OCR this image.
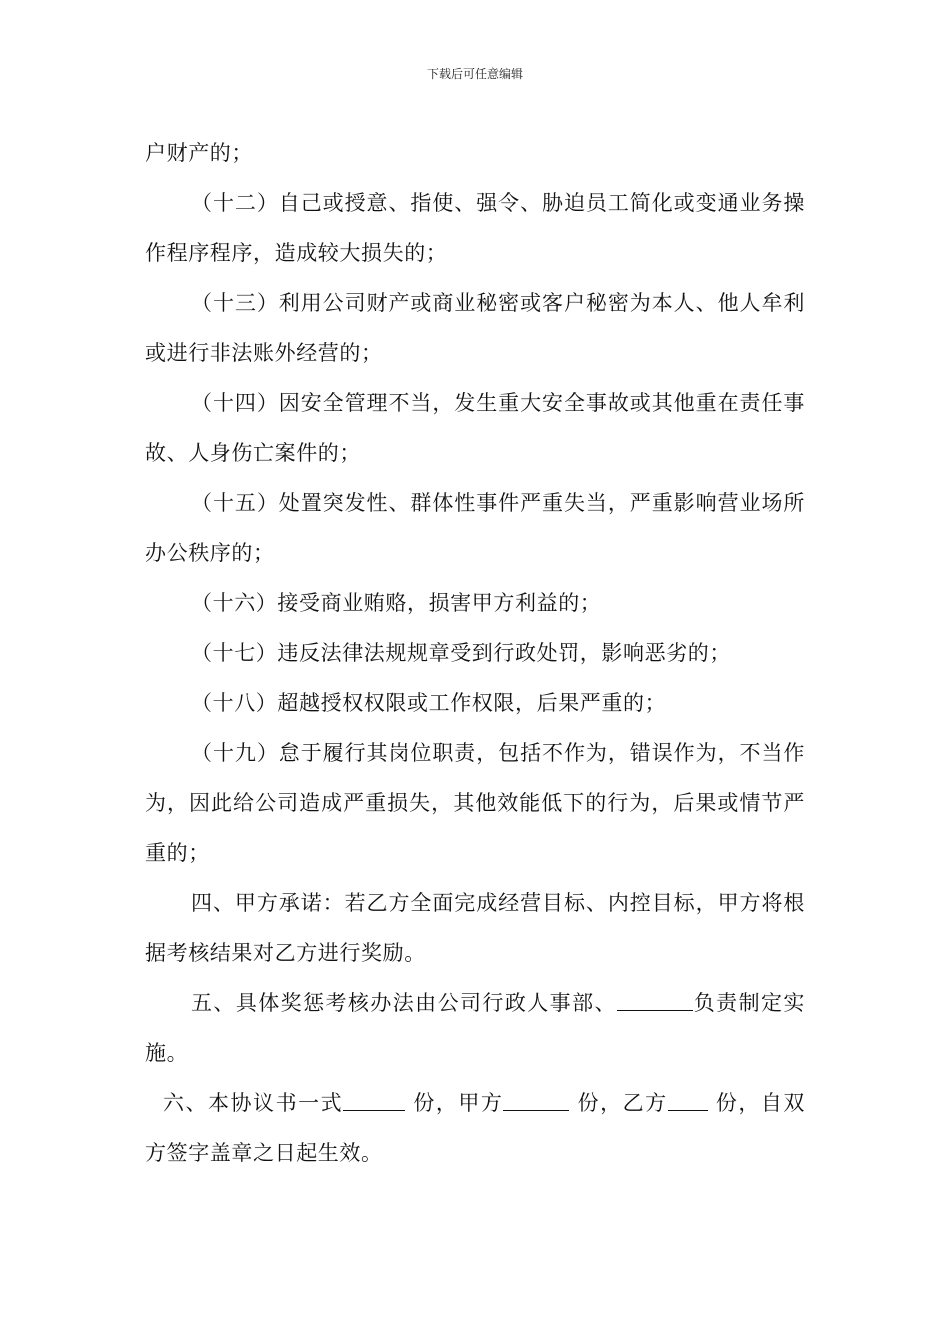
下载后可任意编辑

户财产的；

（十二）自己或授意、指使、强令、胁迫员工简化或变通业务操作程序程序，造成较大损失的；

（十三）利用公司财产或商业秘密或客户秘密为本人、他人牟利或进行非法账外经营的；

（十四）因安全管理不当，发生重大安全事故或其他重在责任事故、人身伤亡案件的；

（十五）处置突发性、群体性事件严重失当，严重影响营业场所办公秩序的；

（十六）接受商业贿赂，损害甲方利益的；

（十七）违反法律法规规章受到行政处罚，影响恶劣的；

（十八）超越授权权限或工作权限，后果严重的；

（十九）怠于履行其岗位职责，包括不作为，错误作为，不当作为，因此给公司造成严重损失，其他效能低下的行为，后果或情节严重的；

四、甲方承诺：若乙方全面完成经营目标、内控目标，甲方将根据考核结果对乙方进行奖励。

五、具体奖惩考核办法由公司行政人事部、	负责制定实施。

六、本协议书一式	份，甲方	份，乙方 份，自双方签字盖章之日起生效。
